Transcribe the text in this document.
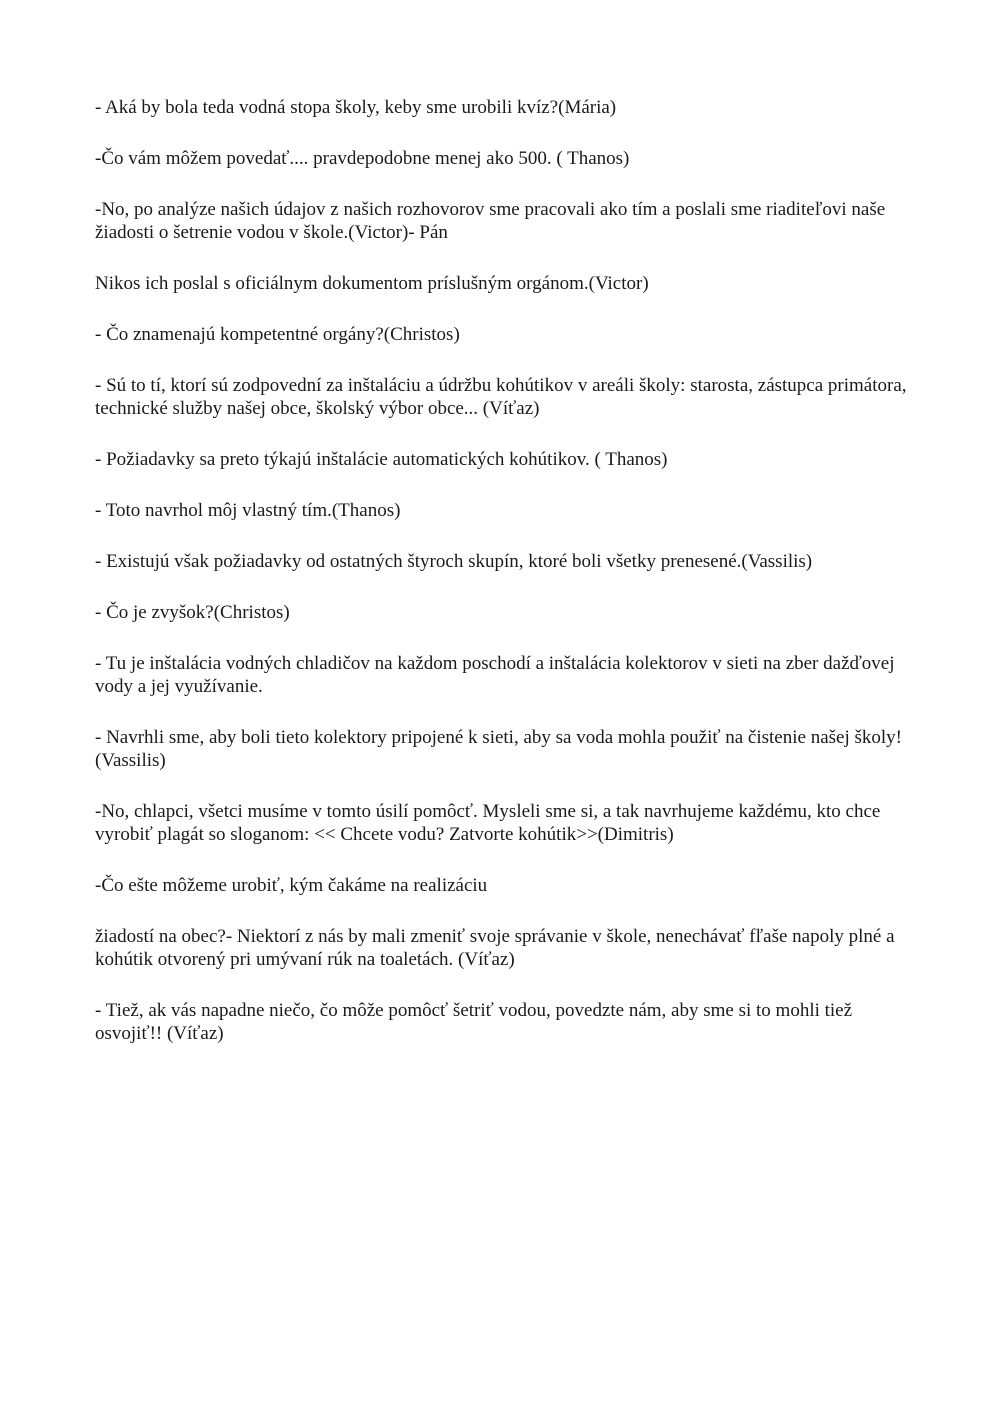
- Aká by bola teda vodná stopa školy, keby sme urobili kvíz?(Mária)

-Čo vám môžem povedať.... pravdepodobne menej ako 500. ( Thanos)

-No, po analýze našich údajov z našich rozhovorov sme pracovali ako tím a poslali sme riaditeľovi naše žiadosti o šetrenie vodou v škole.(Victor)- Pán

Nikos ich poslal s oficiálnym dokumentom príslušným orgánom.(Victor)

- Čo znamenajú kompetentné orgány?(Christos)

- Sú to tí, ktorí sú zodpovední za inštaláciu a údržbu kohútikov v areáli školy: starosta, zástupca primátora, technické služby našej obce, školský výbor obce... (Víťaz)

- Požiadavky sa preto týkajú inštalácie automatických kohútikov. ( Thanos)

- Toto navrhol môj vlastný tím.(Thanos)

- Existujú však požiadavky od ostatných štyroch skupín, ktoré boli všetky prenesené.(Vassilis)

- Čo je zvyšok?(Christos)

- Tu je inštalácia vodných chladičov na každom poschodí a inštalácia kolektorov v sieti na zber dažďovej vody a jej využívanie.

- Navrhli sme, aby boli tieto kolektory pripojené k sieti, aby sa voda mohla použiť na čistenie našej školy! (Vassilis)

-No, chlapci, všetci musíme v tomto úsilí pomôcť. Mysleli sme si, a tak navrhujeme každému, kto chce vyrobiť plagát so sloganom: << Chcete vodu? Zatvorte kohútik>>(Dimitris)

-Čo ešte môžeme urobiť, kým čakáme na realizáciu

žiadostí na obec?- Niektorí z nás by mali zmeniť svoje správanie v škole, nenechávať fľaše napoly plné a kohútik otvorený pri umývaní rúk na toaletách. (Víťaz)

- Tiež, ak vás napadne niečo, čo môže pomôcť šetriť vodou, povedzte nám, aby sme si to mohli tiež osvojiť!! (Víťaz)
